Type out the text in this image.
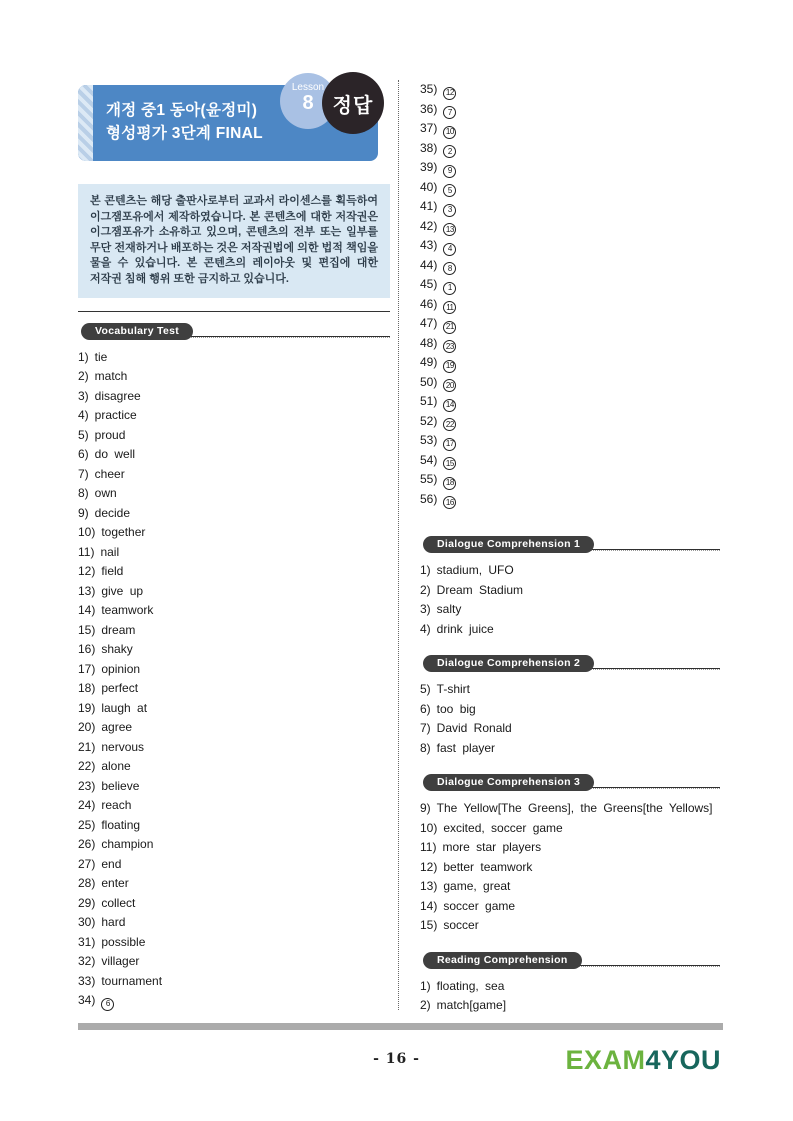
개정 중1 동아(윤정미)
형성평가 3단계 FINAL
Lesson
8 정답
본 콘텐츠는 해당 출판사로부터 교과서 라이센스를 획득하여 이그잼포유에서 제작하였습니다. 본 콘텐츠에 대한 저작권은 이그잼포유가 소유하고 있으며, 콘텐츠의 전부 또는 일부를 무단 전재하거나 배포하는 것은 저작권법에 의한 법적 책임을 물을 수 있습니다. 본 콘텐츠의 레이아웃 및 편집에 대한 저작권 침해 행위 또한 금지하고 있습니다.
Vocabulary Test
1) tie
2) match
3) disagree
4) practice
5) proud
6) do well
7) cheer
8) own
9) decide
10) together
11) nail
12) field
13) give up
14) teamwork
15) dream
16) shaky
17) opinion
18) perfect
19) laugh at
20) agree
21) nervous
22) alone
23) believe
24) reach
25) floating
26) champion
27) end
28) enter
29) collect
30) hard
31) possible
32) villager
33) tournament
34) 6
35) 12
36) 7
37) 10
38) 2
39) 9
40) 5
41) 3
42) 13
43) 4
44) 8
45) 1
46) 11
47) 21
48) 23
49) 19
50) 20
51) 14
52) 22
53) 17
54) 15
55) 18
56) 16
Dialogue Comprehension 1
1) stadium, UFO
2) Dream Stadium
3) salty
4) drink juice
Dialogue Comprehension 2
5) T-shirt
6) too big
7) David Ronald
8) fast player
Dialogue Comprehension 3
9) The Yellow[The Greens], the Greens[the Yellows]
10) excited, soccer game
11) more star players
12) better teamwork
13) game, great
14) soccer game
15) soccer
Reading Comprehension
1) floating, sea
2) match[game]
- 16 -	EXAM4YOU
